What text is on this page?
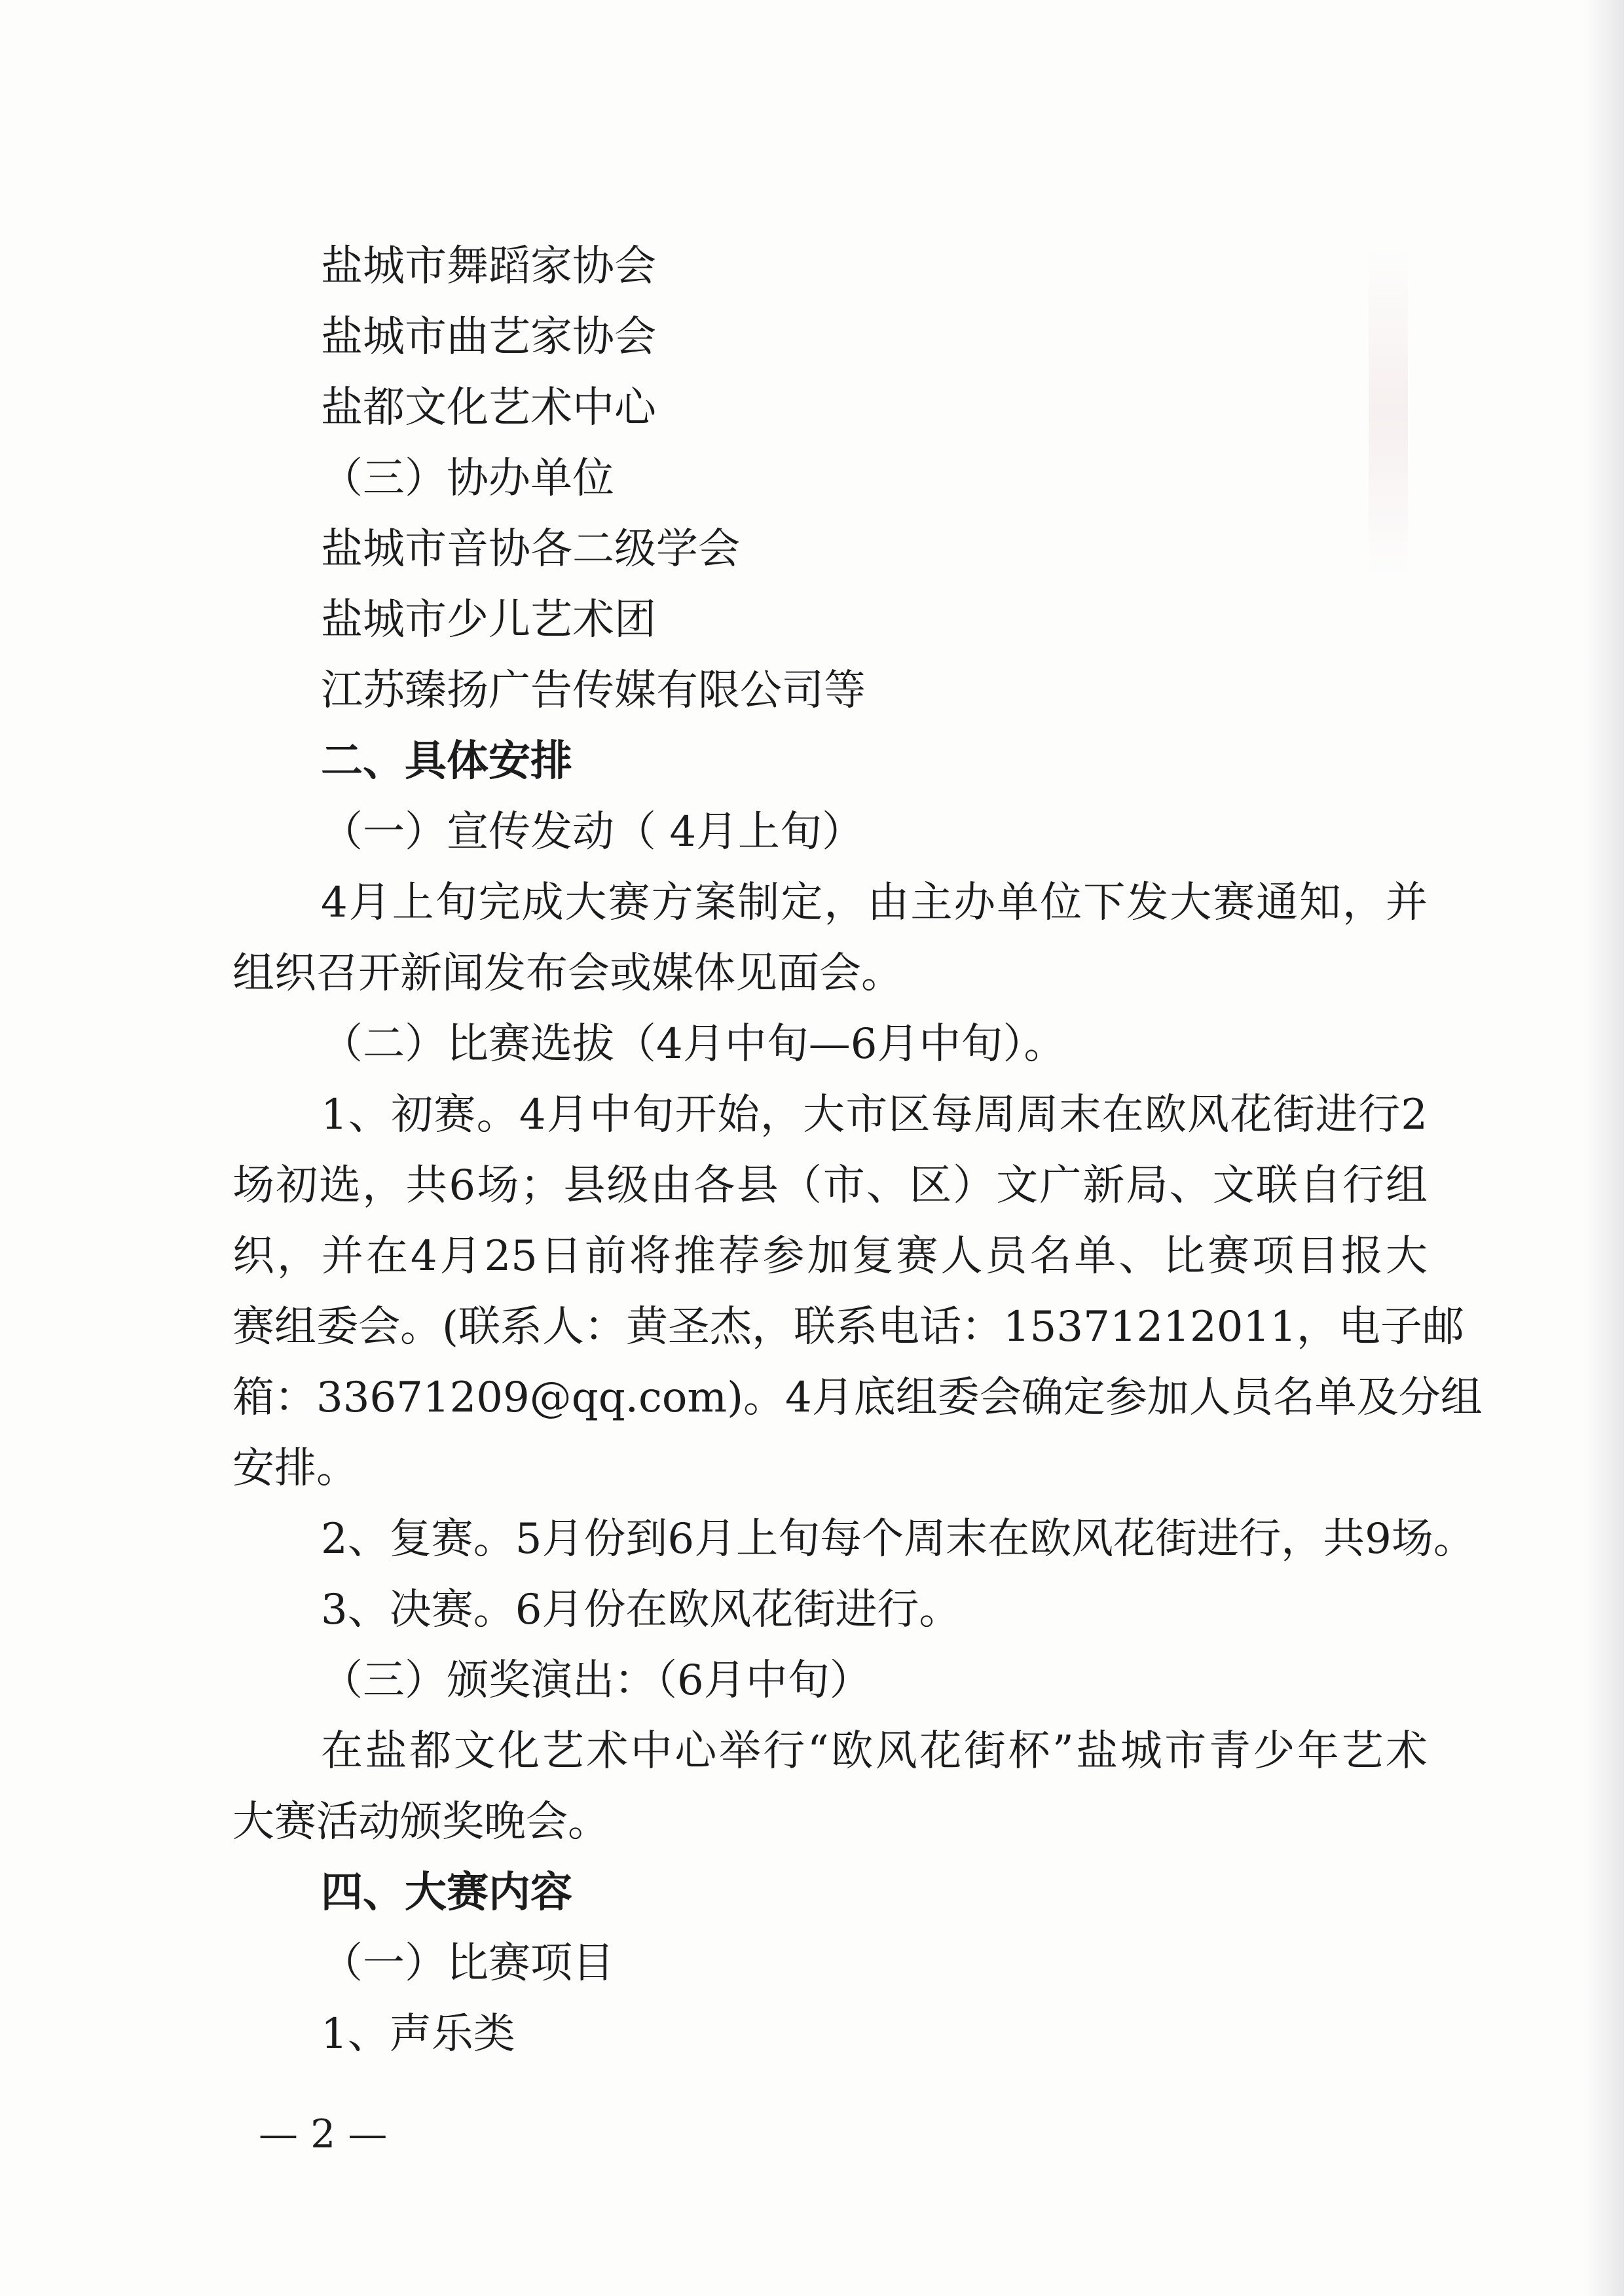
盐城市舞蹈家协会
盐城市曲艺家协会
盐都文化艺术中心
（三）协办单位
盐城市音协各二级学会
盐城市少儿艺术团
江苏臻扬广告传媒有限公司等
二、具体安排
（一）宣传发动（ 4月上旬）
4月上旬完成大赛方案制定，由主办单位下发大赛通知，并
组织召开新闻发布会或媒体见面会。
（二）比赛选拔（4月中旬—6月中旬）。
1、初赛。4月中旬开始，大市区每周周末在欧风花街进行2
场初选，共6场；县级由各县（市、区）文广新局、文联自行组
织，并在4月25日前将推荐参加复赛人员名单、比赛项目报大
赛组委会。(联系人：黄圣杰，联系电话：15371212011，电子邮
箱：33671209@qq.com)。4月底组委会确定参加人员名单及分组
安排。
2、复赛。5月份到6月上旬每个周末在欧风花街进行，共9场。
3、决赛。6月份在欧风花街进行。
（三）颁奖演出：（6月中旬）
在盐都文化艺术中心举行“欧风花街杯”盐城市青少年艺术
大赛活动颁奖晚会。
四、大赛内容
（一）比赛项目
1、声乐类
— 2 —
